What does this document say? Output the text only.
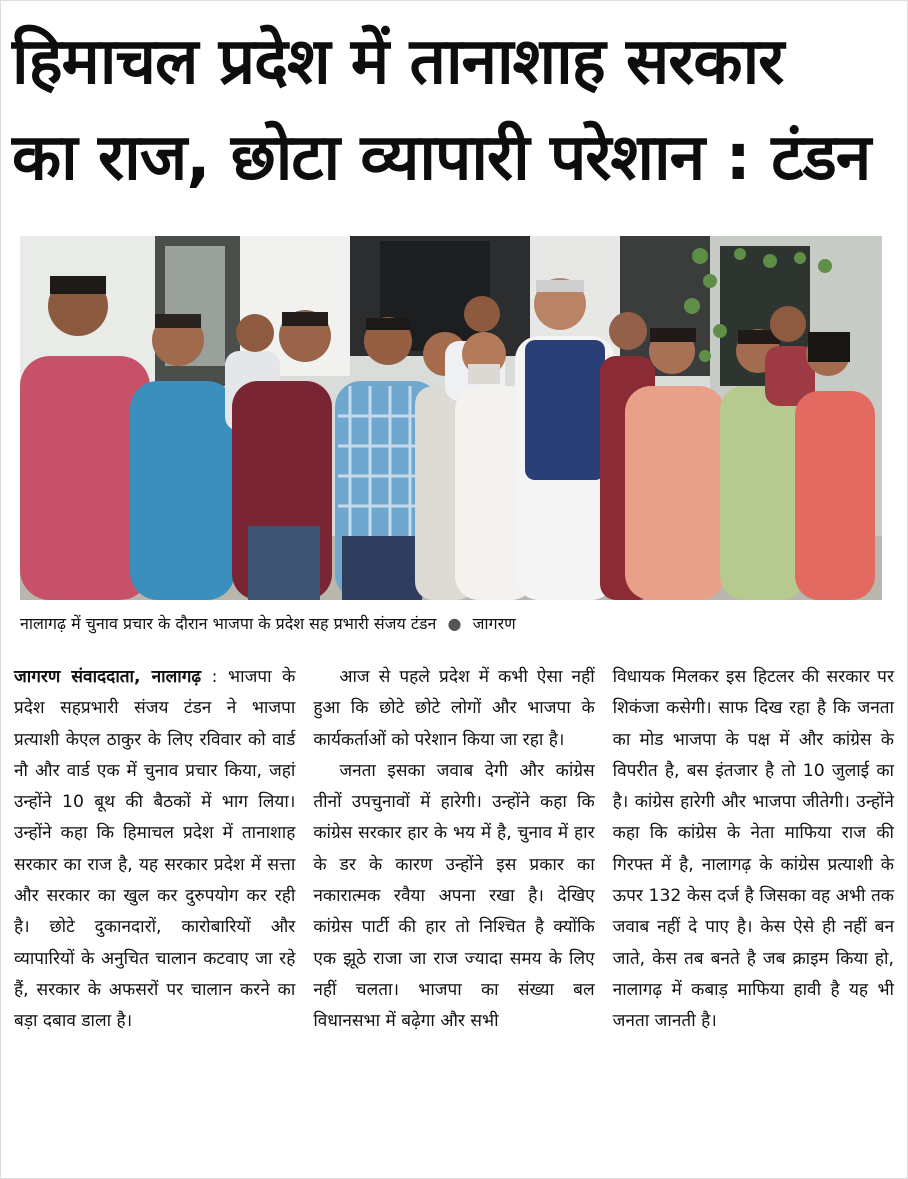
हिमाचल प्रदेश में तानाशाह सरकार
का राज, छोटा व्यापारी परेशान : टंडन
नालागढ़ में चुनाव प्रचार के दौरान भाजपा के प्रदेश सह प्रभारी संजय टंडन ● जागरण

जागरण संवाददाता, नालागढ़ : भाजपा के प्रदेश सहप्रभारी संजय टंडन ने भाजपा प्रत्याशी केएल ठाकुर के लिए रविवार को वार्ड नौ और वार्ड एक में चुनाव प्रचार किया, जहां उन्होंने 10 बूथ की बैठकों में भाग लिया। उन्होंने कहा कि हिमाचल प्रदेश में तानाशाह सरकार का राज है, यह सरकार प्रदेश में सत्ता और सरकार का खुल कर दुरुपयोग कर रही है। छोटे दुकानदारों, कारोबारियों और व्यापारियों के अनुचित चालान कटवाए जा रहे हैं, सरकार के अफसरों पर चालान करने का बड़ा दबाव डाला है।

आज से पहले प्रदेश में कभी ऐसा नहीं हुआ कि छोटे छोटे लोगों और भाजपा के कार्यकर्ताओं को परेशान किया जा रहा है।

जनता इसका जवाब देगी और कांग्रेस तीनों उपचुनावों में हारेगी। उन्होंने कहा कि कांग्रेस सरकार हार के भय में है, चुनाव में हार के डर के कारण उन्होंने इस प्रकार का नकारात्मक रवैया अपना रखा है। देखिए कांग्रेस पार्टी की हार तो निश्चित है क्योंकि एक झूठे राजा जा राज ज्यादा समय के लिए नहीं चलता। भाजपा का संख्या बल विधानसभा में बढ़ेगा और सभी

विधायक मिलकर इस हिटलर की सरकार पर शिकंजा कसेगी। साफ दिख रहा है कि जनता का मोड भाजपा के पक्ष में और कांग्रेस के विपरीत है, बस इंतजार है तो 10 जुलाई का है। कांग्रेस हारेगी और भाजपा जीतेगी। उन्होंने कहा कि कांग्रेस के नेता माफिया राज की गिरफ्त में है, नालागढ़ के कांग्रेस प्रत्याशी के ऊपर 132 केस दर्ज है जिसका वह अभी तक जवाब नहीं दे पाए है। केस ऐसे ही नहीं बन जाते, केस तब बनते है जब क्राइम किया हो, नालागढ़ में कबाड़ माफिया हावी है यह भी जनता जानती है।
